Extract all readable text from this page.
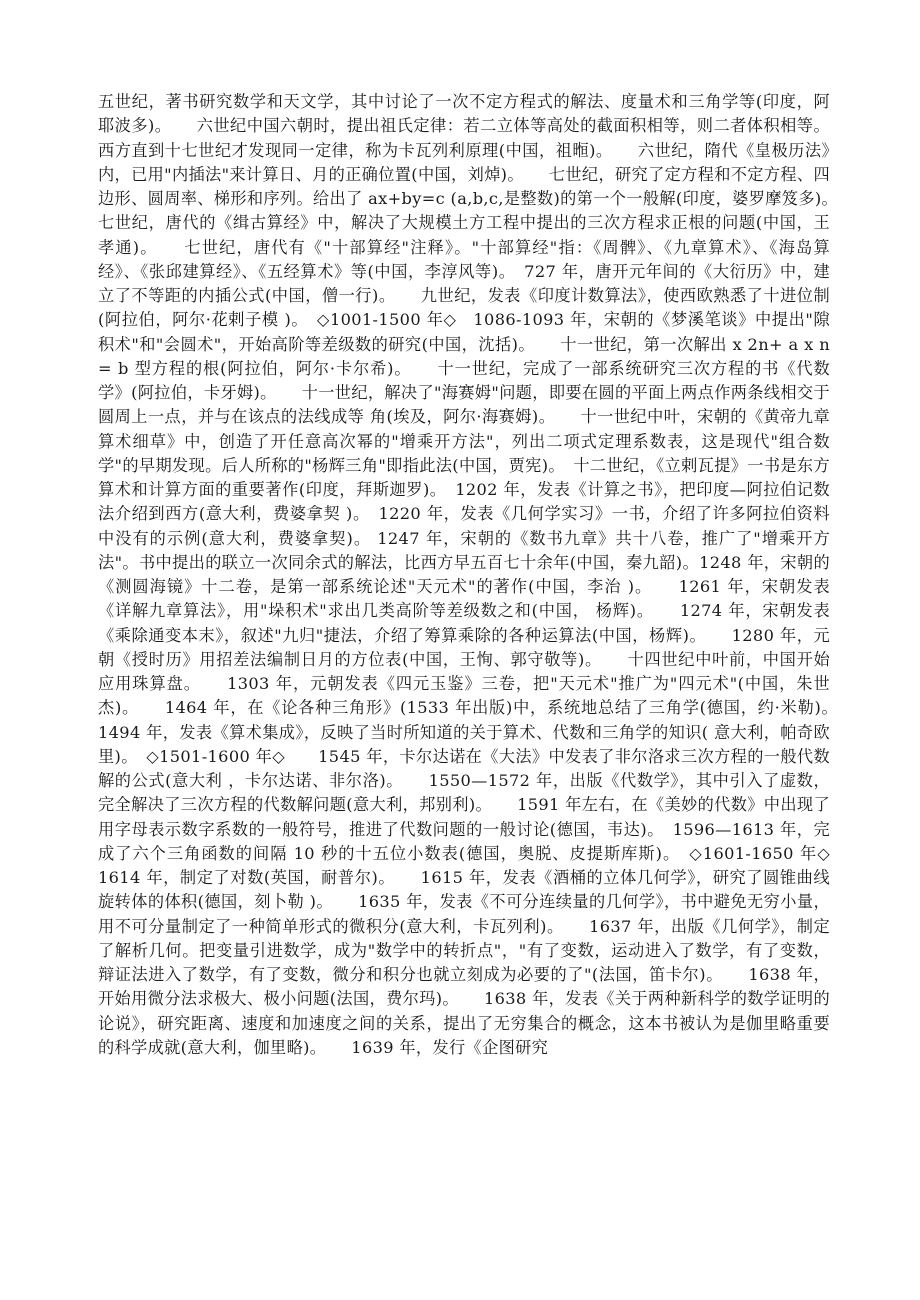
五世纪，著书研究数学和天文学，其中讨论了一次不定方程式的解法、度量术和三角学等(印度，阿耶波多)。　　六世纪中国六朝时，提出祖氏定律：若二立体等高处的截面积相等，则二者体积相等。西方直到十七世纪才发现同一定律，称为卡瓦列利原理(中国，祖暅)。　　六世纪，隋代《皇极历法》内，已用"内插法"来计算日、月的正确位置(中国，刘焯)。　　七世纪，研究了定方程和不定方程、四边形、圆周率、梯形和序列。给出了 ax+by=c (a,b,c,是整数)的第一个一般解(印度，婆罗摩笈多)。　　七世纪，唐代的《缉古算经》中，解决了大规模土方工程中提出的三次方程求正根的问题(中国，王孝通)。　　七世纪，唐代有《"十部算经"注释》。"十部算经"指：《周髀》、《九章算术》、《海岛算经》、《张邱建算经》、《五经算术》等(中国，李淳风等)。　727 年，唐开元年间的《大衍历》中，建立了不等距的内插公式(中国，僧一行)。　　九世纪，发表《印度计数算法》，使西欧熟悉了十进位制(阿拉伯，阿尔·花剌子模 )。　◇1001-1500 年◇　1086-1093 年，宋朝的《梦溪笔谈》中提出"隙积术"和"会圆术"，开始高阶等差级数的研究(中国，沈括)。　　十一世纪，第一次解出 x 2n+ a x n= b 型方程的根(阿拉伯，阿尔·卡尔希)。　　十一世纪，完成了一部系统研究三次方程的书《代数学》(阿拉伯，卡牙姆)。　　十一世纪，解决了"海赛姆"问题，即要在圆的平面上两点作两条线相交于圆周上一点，并与在该点的法线成等 角(埃及，阿尔·海赛姆)。　　十一世纪中叶，宋朝的《黄帝九章算术细草》中，创造了开任意高次幂的"增乘开方法"，列出二项式定理系数表，这是现代"组合数学"的早期发现。后人所称的"杨辉三角"即指此法(中国，贾宪)。　十二世纪，《立剌瓦提》一书是东方算术和计算方面的重要著作(印度，拜斯迦罗)。　1202 年，发表《计算之书》，把印度—阿拉伯记数法介绍到西方(意大利，费婆拿契 )。　1220 年，发表《几何学实习》一书，介绍了许多阿拉伯资料中没有的示例(意大利，费婆拿契)。 1247 年，宋朝的《数书九章》共十八卷，推广了"增乘开方法"。书中提出的联立一次同余式的解法，比西方早五百七十余年(中国，秦九韶)。1248 年，宋朝的《测圆海镜》十二卷，是第一部系统论述"天元术"的著作(中国，李治 )。　　1261 年，宋朝发表《详解九章算法》，用"垛积术"求出几类高阶等差级数之和(中国， 杨辉)。　　1274 年，宋朝发表《乘除通变本末》，叙述"九归"捷法，介绍了筹算乘除的各种运算法(中国，杨辉)。　　1280 年，元朝《授时历》用招差法编制日月的方位表(中国，王恂、郭守敬等)。　　十四世纪中叶前，中国开始应用珠算盘。　　1303 年，元朝发表《四元玉鉴》三卷，把"天元术"推广为"四元术"(中国，朱世杰)。　　1464 年，在《论各种三角形》(1533 年出版)中，系统地总结了三角学(德国，约·米勒)。　　1494 年，发表《算术集成》，反映了当时所知道的关于算术、代数和三角学的知识( 意大利，帕奇欧里)。　◇1501-1600 年◇　　1545 年，卡尔达诺在《大法》中发表了非尔洛求三次方程的一般代数解的公式(意大利 ，卡尔达诺、非尔洛)。　　1550—1572 年，出版《代数学》，其中引入了虚数，完全解决了三次方程的代数解问题(意大利，邦别利)。　　1591 年左右，在《美妙的代数》中出现了用字母表示数字系数的一般符号，推进了代数问题的一般讨论(德国，韦达)。　1596—1613 年，完成了六个三角函数的间隔 10 秒的十五位小数表(德国，奥脱、皮提斯库斯)。　◇1601-1650 年◇　　1614 年，制定了对数(英国，耐普尔)。　　1615 年，发表《酒桶的立体几何学》，研究了圆锥曲线旋转体的体积(德国，刻卜勒 )。　　1635 年，发表《不可分连续量的几何学》，书中避免无穷小量，用不可分量制定了一种简单形式的微积分(意大利，卡瓦列利)。　　1637 年，出版《几何学》，制定了解析几何。把变量引进数学，成为"数学中的转折点"，"有了变数，运动进入了数学，有了变数，辩证法进入了数学，有了变数，微分和积分也就立刻成为必要的了"(法国，笛卡尔)。　　1638 年，开始用微分法求极大、极小问题(法国，费尔玛)。　　1638 年，发表《关于两种新科学的数学证明的论说》，研究距离、速度和加速度之间的关系，提出了无穷集合的概念，这本书被认为是伽里略重要的科学成就(意大利，伽里略)。　　1639 年，发行《企图研究
